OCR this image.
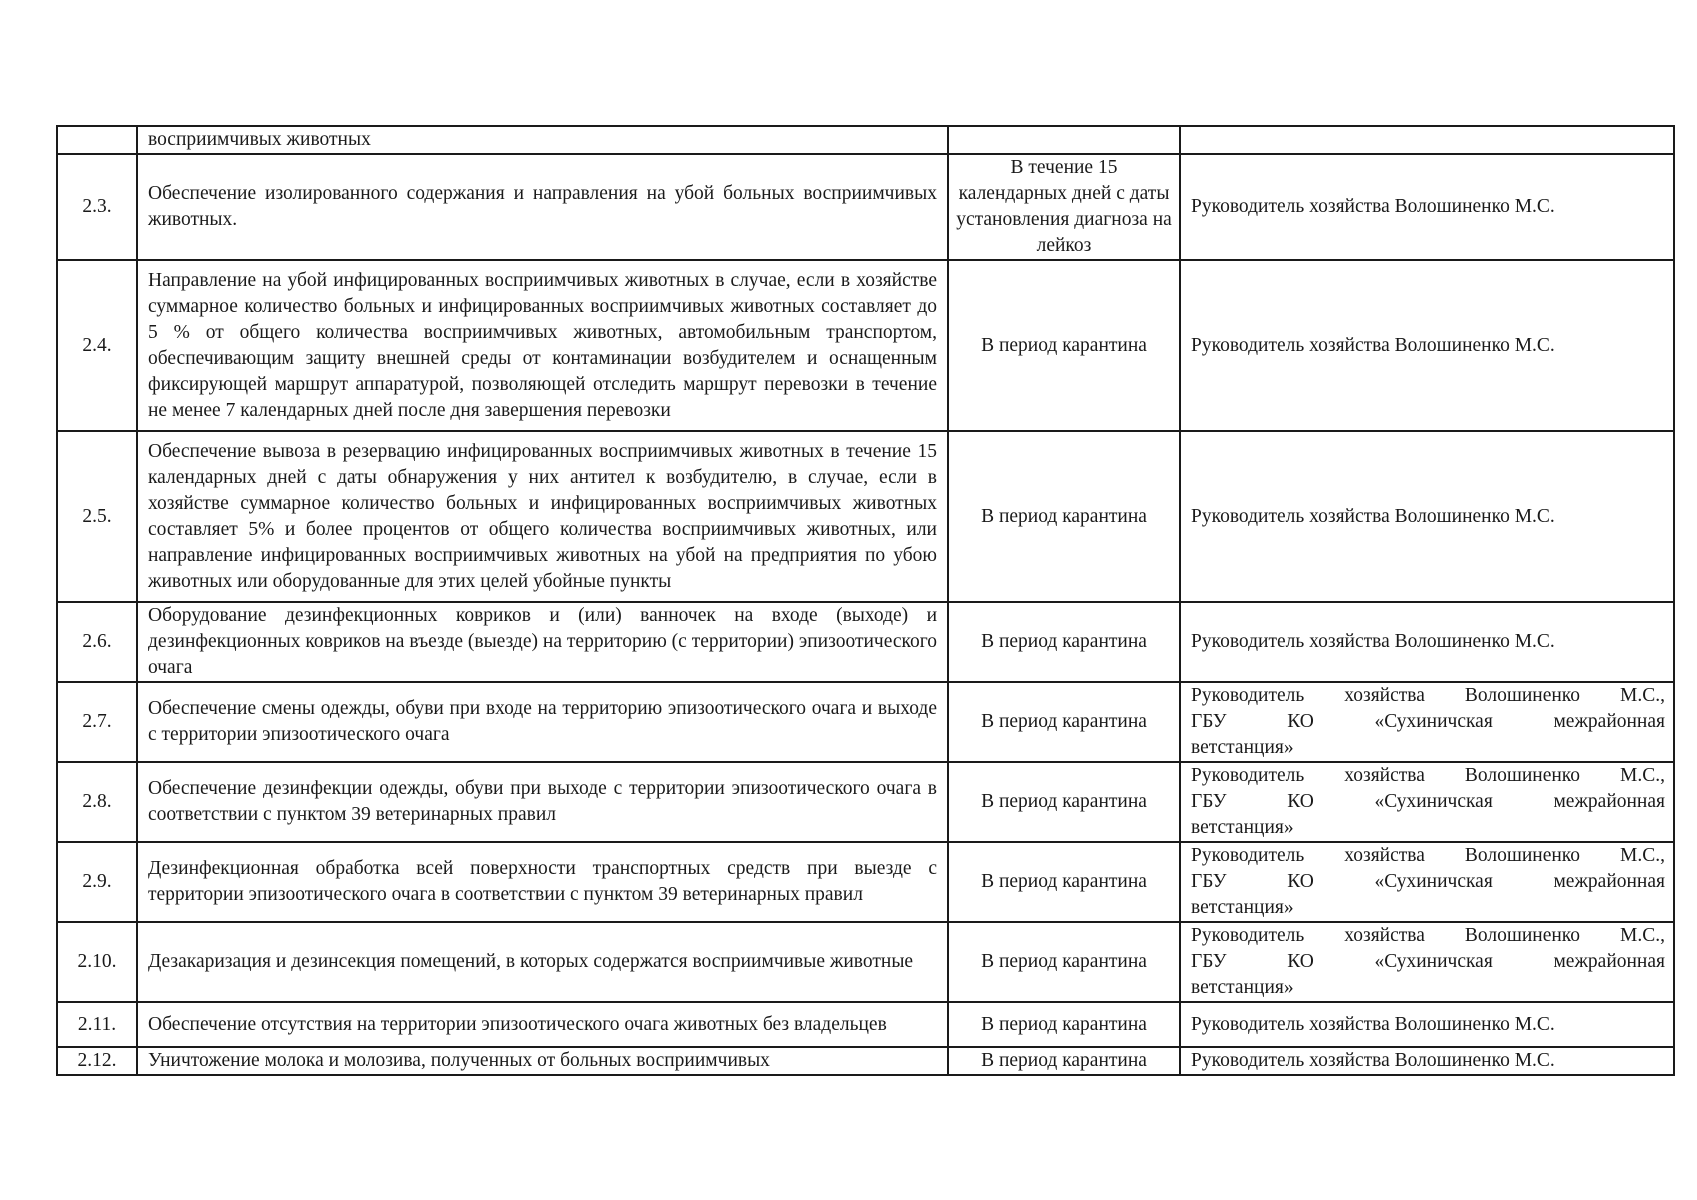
	восприимчивых животных		

2.3.	Обеспечение изолированного содержания и направления на убой больных восприимчивых животных.	В течение 15 календарных дней с даты установления диагноза на лейкоз	Руководитель хозяйства Волошиненко М.С.

2.4.	Направление на убой инфицированных восприимчивых животных в случае, если в хозяйстве суммарное количество больных и инфицированных восприимчивых животных составляет до 5 % от общего количества восприимчивых животных, автомобильным транспортом, обеспечивающим защиту внешней среды от контаминации возбудителем и оснащенным фиксирующей маршрут аппаратурой, позволяющей отследить маршрут перевозки в течение не менее 7 календарных дней после дня завершения перевозки	В период карантина	Руководитель хозяйства Волошиненко М.С.

2.5.	Обеспечение вывоза в резервацию инфицированных восприимчивых животных в течение 15 календарных дней с даты обнаружения у них антител к возбудителю, в случае, если в хозяйстве суммарное количество больных и инфицированных восприимчивых животных составляет 5% и более процентов от общего количества восприимчивых животных, или направление инфицированных восприимчивых животных на убой на предприятия по убою животных или оборудованные для этих целей убойные пункты	В период карантина	Руководитель хозяйства Волошиненко М.С.

2.6.	Оборудование дезинфекционных ковриков и (или) ванночек на входе (выходе) и дезинфекционных ковриков на въезде (выезде) на территорию (с территории) эпизоотического очага	В период карантина	Руководитель хозяйства Волошиненко М.С.

2.7.	Обеспечение смены одежды, обуви при входе на территорию эпизоотического очага и выходе с территории эпизоотического очага	В период карантина	Руководитель хозяйства Волошиненко М.С.,
ГБУ КО «Сухиничская межрайонная
ветстанция»

2.8.	Обеспечение дезинфекции одежды, обуви при выходе с территории эпизоотического очага в соответствии с пунктом 39 ветеринарных правил	В период карантина	Руководитель хозяйства Волошиненко М.С.,
ГБУ КО «Сухиничская межрайонная
ветстанция»

2.9.	Дезинфекционная обработка всей поверхности транспортных средств при выезде с территории эпизоотического очага в соответствии с пунктом 39 ветеринарных правил	В период карантина	Руководитель хозяйства Волошиненко М.С.,
ГБУ КО «Сухиничская межрайонная
ветстанция»

2.10.	Дезакаризация и дезинсекция помещений, в которых содержатся восприимчивые животные	В период карантина	Руководитель хозяйства Волошиненко М.С.,
ГБУ КО «Сухиничская межрайонная
ветстанция»

2.11.	Обеспечение отсутствия на территории эпизоотического очага животных без владельцев	В период карантина	Руководитель хозяйства Волошиненко М.С.

2.12.	Уничтожение молока и молозива, полученных от больных восприимчивых	В период карантина	Руководитель хозяйства Волошиненко М.С.
